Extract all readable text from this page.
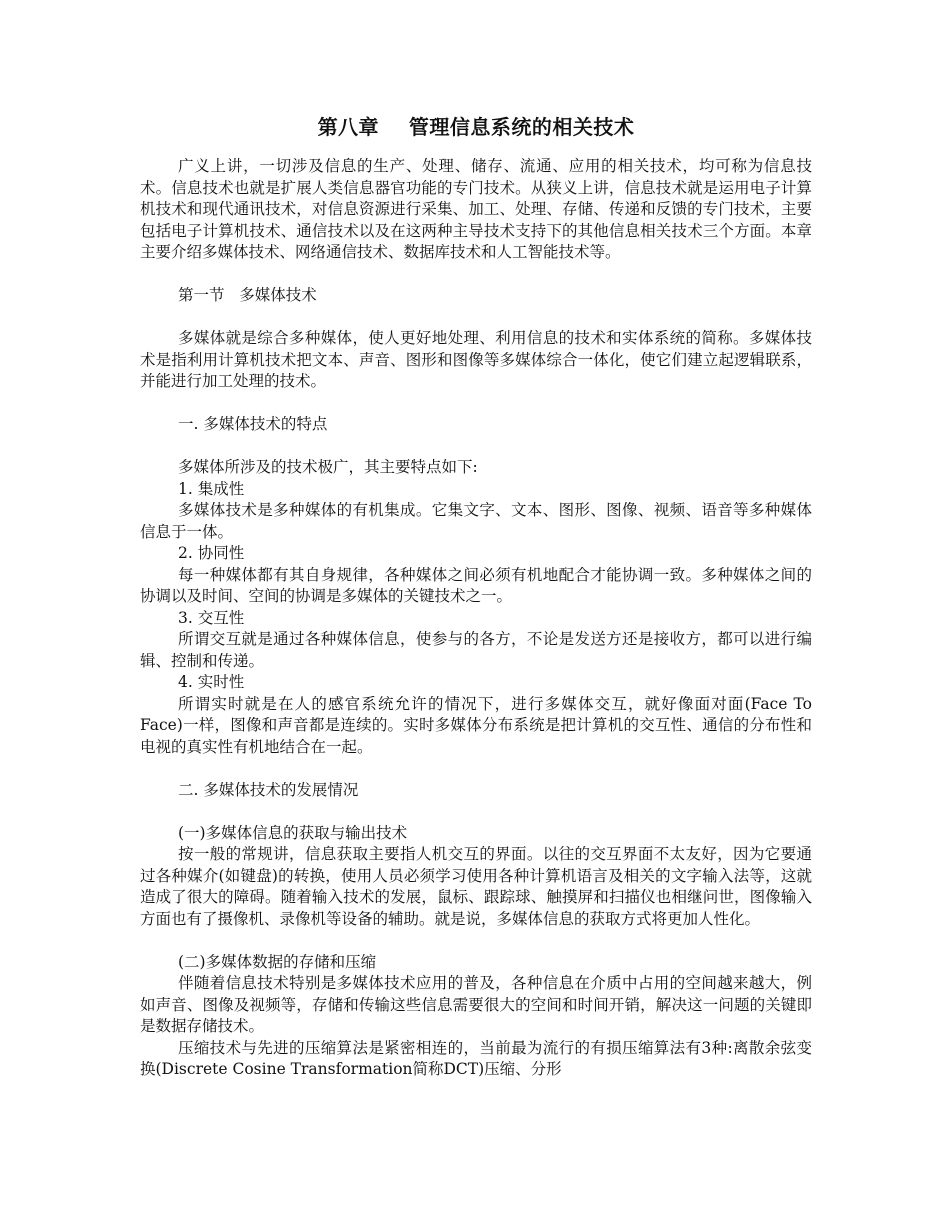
第八章    管理信息系统的相关技术

广义上讲，一切涉及信息的生产、处理、储存、流通、应用的相关技术，均可称为信息技术。信息技术也就是扩展人类信息器官功能的专门技术。从狭义上讲，信息技术就是运用电子计算机技术和现代通讯技术，对信息资源进行采集、加工、处理、存储、传递和反馈的专门技术，主要包括电子计算机技术、通信技术以及在这两种主导技术支持下的其他信息相关技术三个方面。本章主要介绍多媒体技术、网络通信技术、数据库技术和人工智能技术等。

第一节   多媒体技术

多媒体就是综合多种媒体，使人更好地处理、利用信息的技术和实体系统的简称。多媒体技术是指利用计算机技术把文本、声音、图形和图像等多媒体综合一体化，使它们建立起逻辑联系，并能进行加工处理的技术。

一. 多媒体技术的特点
多媒体所涉及的技术极广，其主要特点如下:
1. 集成性

多媒体技术是多种媒体的有机集成。它集文字、文本、图形、图像、视频、语音等多种媒体信息于一体。

2. 协同性

每一种媒体都有其自身规律，各种媒体之间必须有机地配合才能协调一致。多种媒体之间的协调以及时间、空间的协调是多媒体的关键技术之一。

3. 交互性

所谓交互就是通过各种媒体信息，使参与的各方，不论是发送方还是接收方，都可以进行编辑、控制和传递。

4. 实时性

所谓实时就是在人的感官系统允许的情况下，进行多媒体交互，就好像面对面(Face To Face)一样，图像和声音都是连续的。实时多媒体分布系统是把计算机的交互性、通信的分布性和电视的真实性有机地结合在一起。

二. 多媒体技术的发展情况
(一)多媒体信息的获取与输出技术

按一般的常规讲，信息获取主要指人机交互的界面。以往的交互界面不太友好，因为它要通过各种媒介(如键盘)的转换，使用人员必须学习使用各种计算机语言及相关的文字输入法等，这就造成了很大的障碍。随着输入技术的发展，鼠标、跟踪球、触摸屏和扫描仪也相继问世，图像输入方面也有了摄像机、录像机等设备的辅助。就是说，多媒体信息的获取方式将更加人性化。

(二)多媒体数据的存储和压缩

伴随着信息技术特别是多媒体技术应用的普及，各种信息在介质中占用的空间越来越大，例如声音、图像及视频等，存储和传输这些信息需要很大的空间和时间开销，解决这一问题的关键即是数据存储技术。

压缩技术与先进的压缩算法是紧密相连的，当前最为流行的有损压缩算法有3种:离散余弦变换(Discrete Cosine Transformation简称DCT)压缩、分形
